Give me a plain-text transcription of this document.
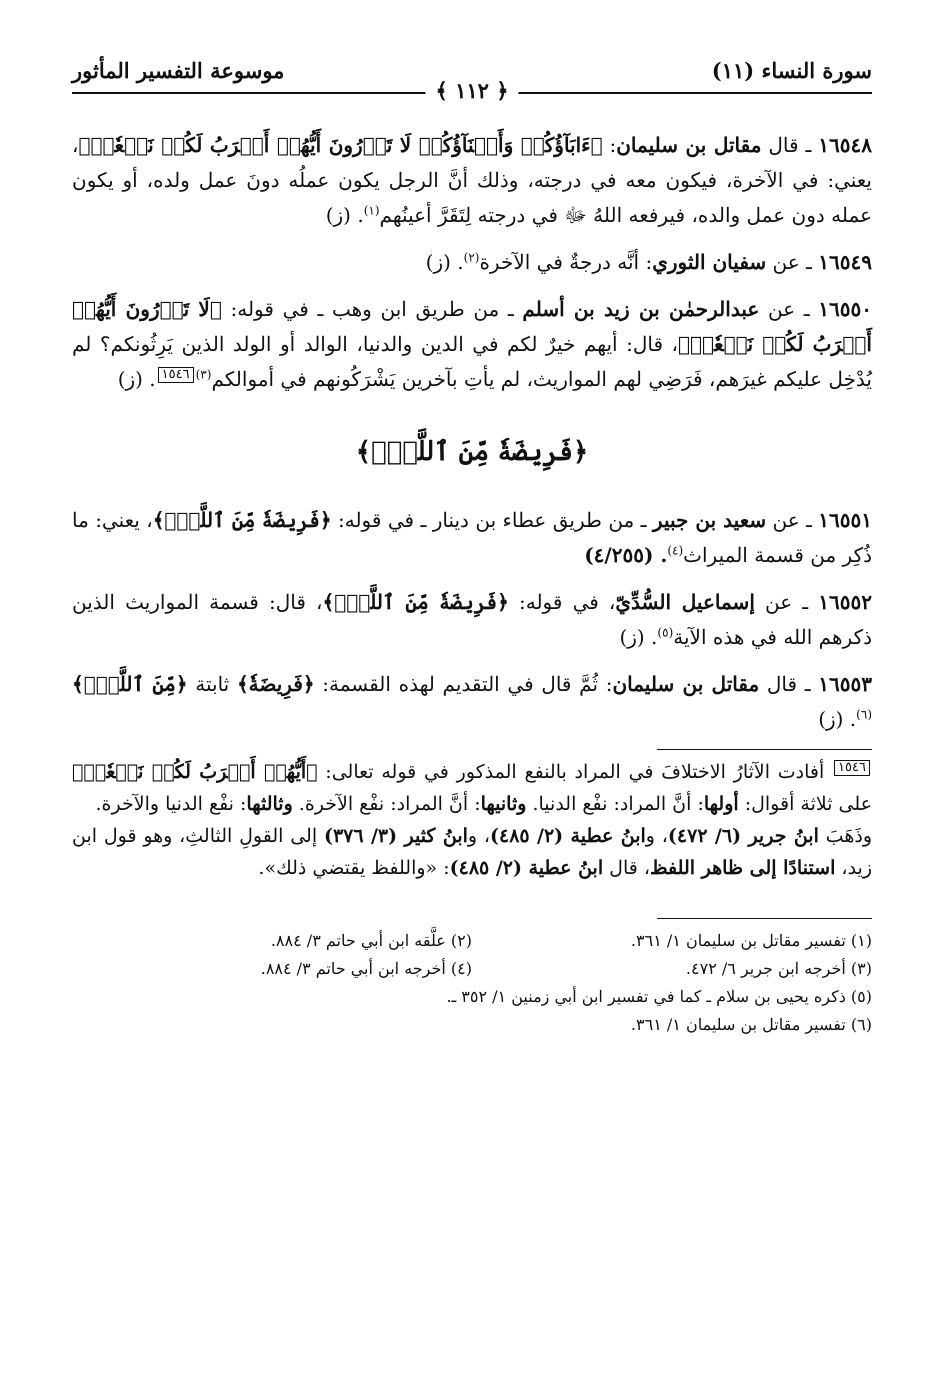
سورة النساء (١١)
موسوعة التفسير المأثور
﴿ ١١٢ ﴾

١٦٥٤٨ ـ قال مقاتل بن سليمان: ﴿ءَابَآؤُكُمۡ وَأَبۡنَآؤُكُمۡ لَا تَدۡرُونَ أَيُّهُمۡ أَقۡرَبُ لَكُمۡ نَفۡعٗاۚ﴾، يعني: في الآخرة، فيكون معه في درجته، وذلك أنَّ الرجل يكون عملُه دونَ عمل ولده، أو يكون عمله دون عمل والده، فيرفعه اللهُ ﷻ في درجته لِتَقَرَّ أعينُهم$^{(١)}$. (ز)

١٦٥٤٩ ـ عن سفيان الثوري: أنَّه درجةٌ في الآخرة$^{(٢)}$. (ز)

١٦٥٥٠ ـ عن عبدالرحمٰن بن زيد بن أسلم ـ من طريق ابن وهب ـ في قوله: ﴿لَا تَدۡرُونَ أَيُّهُمۡ أَقۡرَبُ لَكُمۡ نَفۡعٗاۚ﴾، قال: أيهم خيرٌ لكم في الدين والدنيا، الوالد أو الولد الذين يَرِثُونكم؟ لم يُدْخِل عليكم غيرَهم، فَرَضِي لهم المواريث، لم يأتِ بآخرين يَشْرَكُونهم في أموالكم$^{(٣)}$١٥٤٦. (ز)

﴿فَرِيضَةٗ مِّنَ ٱللَّهِۗ﴾

١٦٥٥١ ـ عن سعيد بن جبير ـ من طريق عطاء بن دينار ـ في قوله: ﴿فَرِيضَةٗ مِّنَ ٱللَّهِۗ﴾، يعني: ما ذُكِر من قسمة الميراث$^{(٤)}$. (٤/٢٥٥)

١٦٥٥٢ ـ عن إسماعيل السُّدِّيّ، في قوله: ﴿فَرِيضَةٗ مِّنَ ٱللَّهِۗ﴾، قال: قسمة المواريث الذين ذكرهم الله في هذه الآية$^{(٥)}$. (ز)

١٦٥٥٣ ـ قال مقاتل بن سليمان: ثُمَّ قال في التقديم لهذه القسمة: ﴿فَرِيضَةٗ﴾ ثابتة ﴿مِّنَ ٱللَّهِۗ﴾$^{(٦)}$. (ز)

١٥٤٦ أفادت الآثارُ الاختلافَ في المراد بالنفع المذكور في قوله تعالى: ﴿أَيُّهُمۡ أَقۡرَبُ لَكُمۡ نَفۡعٗاۚ﴾ على ثلاثة أقوال: أولها: أنَّ المراد: نفْع الدنيا. وثانيها: أنَّ المراد: نفْع الآخرة. وثالثها: نفْع الدنيا والآخرة.

وذَهَبَ ابنُ جرير (٦/ ٤٧٢)، وابنُ عطية (٢/ ٤٨٥)، وابنُ كثير (٣/ ٣٧٦) إلى القولِ الثالثِ، وهو قول ابن زيد، استنادًا إلى ظاهر اللفظ، قال ابنُ عطية (٢/ ٤٨٥): «واللفظ يقتضي ذلك».

(١) تفسير مقاتل بن سليمان ١/ ٣٦١.
(٢) علَّقه ابن أبي حاتم ٣/ ٨٨٤.
(٣) أخرجه ابن جرير ٦/ ٤٧٢.
(٤) أخرجه ابن أبي حاتم ٣/ ٨٨٤.
(٥) ذكره يحيى بن سلام ـ كما في تفسير ابن أبي زمنين ١/ ٣٥٢ ـ.
(٦) تفسير مقاتل بن سليمان ١/ ٣٦١.
